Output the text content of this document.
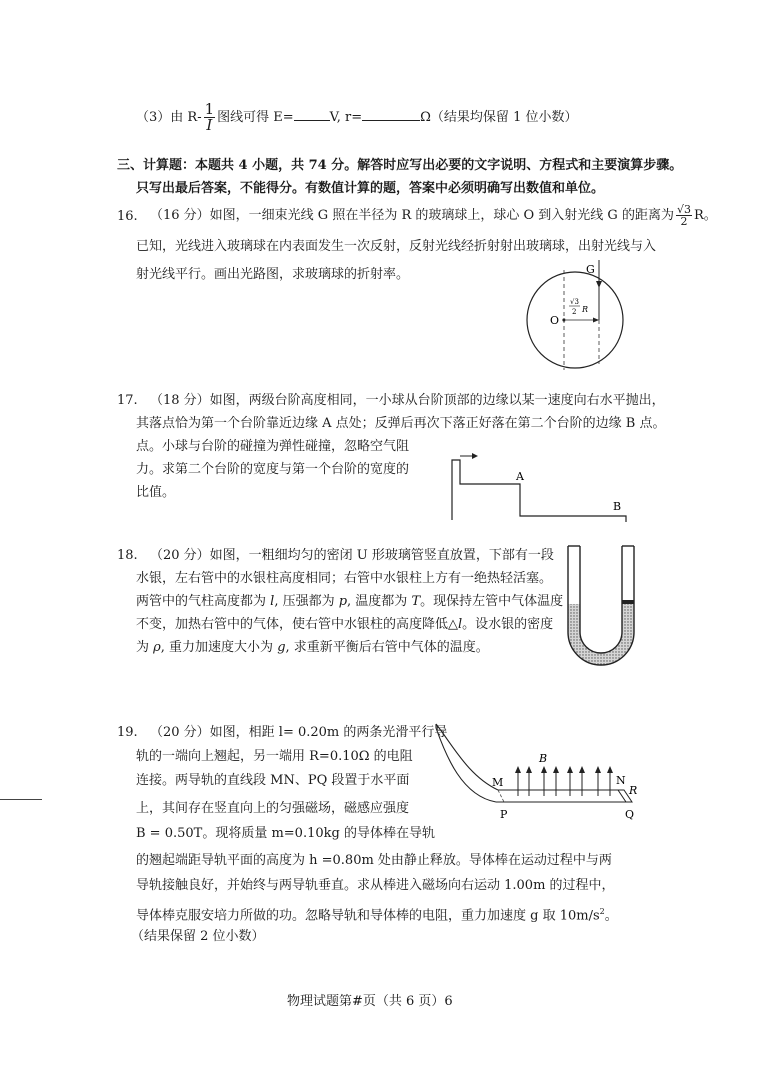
（3）由 $R- \frac{1}{I}$ 图线可得 E=	V, r=	Ω（结果均保留 1 位小数）
三、计算题：本题共 4 小题，共 74 分。解答时应写出必要的文字说明、方程式和主要演算步骤。
只写出最后答案，不能得分。有数值计算的题，答案中必须明确写出数值和单位。
16. （16 分）如图，一细束光线 G 照在半径为 R 的玻璃球上，球心 O 到入射光线 G 的距离为 $\frac{√3}{2}$ R。
已知，光线进入玻璃球在内表面发生一次反射，反射光线经折射射出玻璃球，出射光线与入
射光线平行。画出光路图，求玻璃球的折射率。	G
O
√3
2 R
17. （18 分）如图，两级台阶高度相同，一小球从台阶顶部的边缘以某一速度向右水平抛出，
其落点恰为第一个台阶靠近边缘 A 点处；反弹后再次下落正好落在第二个台阶的边缘 B 点。
点。小球与台阶的碰撞为弹性碰撞，忽略空气阻
力。求第二个台阶的宽度与第一个台阶的宽度的
比值。
A
B
18. （20 分）如图，一粗细均匀的密闭 U 形玻璃管竖直放置，下部有一段
水银，左右管中的水银柱高度相同；右管中水银柱上方有一绝热轻活塞。
两管中的气柱高度都为 l, 压强都为 p, 温度都为 T。现保持左管中气体温度
不变，加热右管中的气体，使右管中水银柱的高度降低△l。设水银的密度
为 ρ, 重力加速度大小为 g, 求重新平衡后右管中气体的温度。
19. （20 分）如图，相距 l= 0.20m 的两条光滑平行导
轨的一端向上翘起，另一端用 R=0.10Ω 的电阻
连接。两导轨的直线段 MN、PQ 段置于水平面
上，其间存在竖直向上的匀强磁场，磁感应强度
B = 0.50T。现将质量 m=0.10kg 的导体棒在导轨
的翘起端距导轨平面的高度为 h =0.80m 处由静止释放。导体棒在运动过程中与两
导轨接触良好，并始终与两导轨垂直。求从棒进入磁场向右运动 1.00m 的过程中，
导体棒克服安培力所做的功。忽略导轨和导体棒的电阻，重力加速度 g 取 $10m/s^2$。
（结果保留 2 位小数）
M	N
P	Q
B
R
物理试题第#页（共 6 页）6
